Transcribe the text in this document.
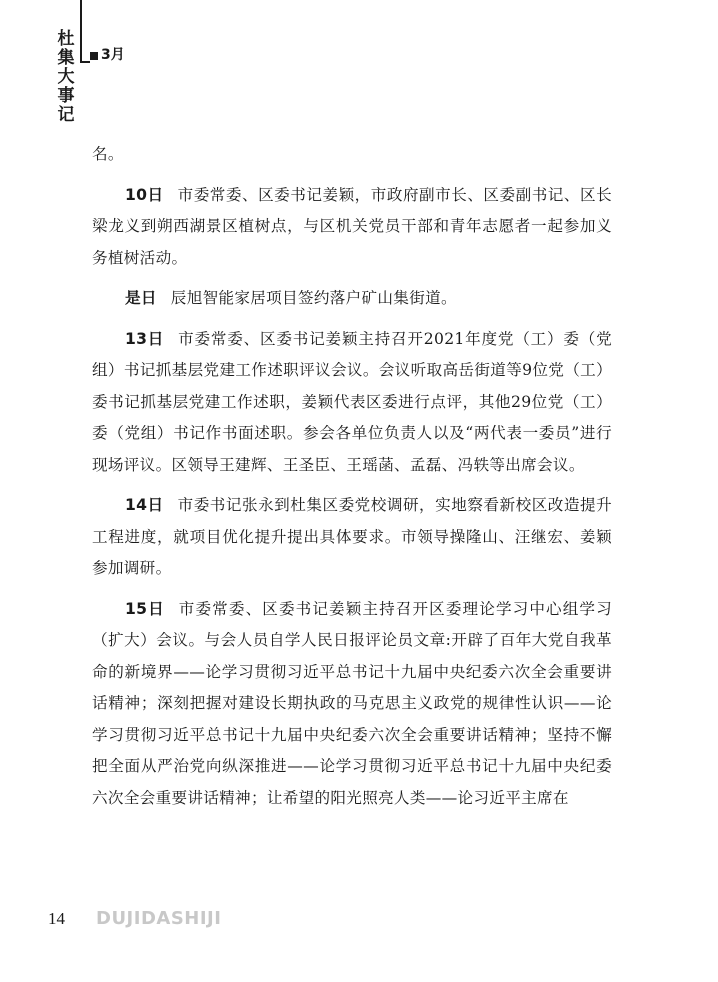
杜集大事记
3月

名。

10日 市委常委、区委书记姜颖，市政府副市长、区委副书记、区长梁龙义到朔西湖景区植树点，与区机关党员干部和青年志愿者一起参加义务植树活动。

是日 辰旭智能家居项目签约落户矿山集街道。

13日 市委常委、区委书记姜颖主持召开2021年度党（工）委（党组）书记抓基层党建工作述职评议会议。会议听取高岳街道等9位党（工）委书记抓基层党建工作述职，姜颖代表区委进行点评，其他29位党（工）委（党组）书记作书面述职。参会各单位负责人以及“两代表一委员”进行现场评议。区领导王建辉、王圣臣、王瑶菡、孟磊、冯轶等出席会议。

14日 市委书记张永到杜集区委党校调研，实地察看新校区改造提升工程进度，就项目优化提升提出具体要求。市领导操隆山、汪继宏、姜颖参加调研。

15日 市委常委、区委书记姜颖主持召开区委理论学习中心组学习（扩大）会议。与会人员自学人民日报评论员文章:开辟了百年大党自我革命的新境界——论学习贯彻习近平总书记十九届中央纪委六次全会重要讲话精神；深刻把握对建设长期执政的马克思主义政党的规律性认识——论学习贯彻习近平总书记十九届中央纪委六次全会重要讲话精神；坚持不懈把全面从严治党向纵深推进——论学习贯彻习近平总书记十九届中央纪委六次全会重要讲话精神；让希望的阳光照亮人类——论习近平主席在

14 DUJIDASHIJI
